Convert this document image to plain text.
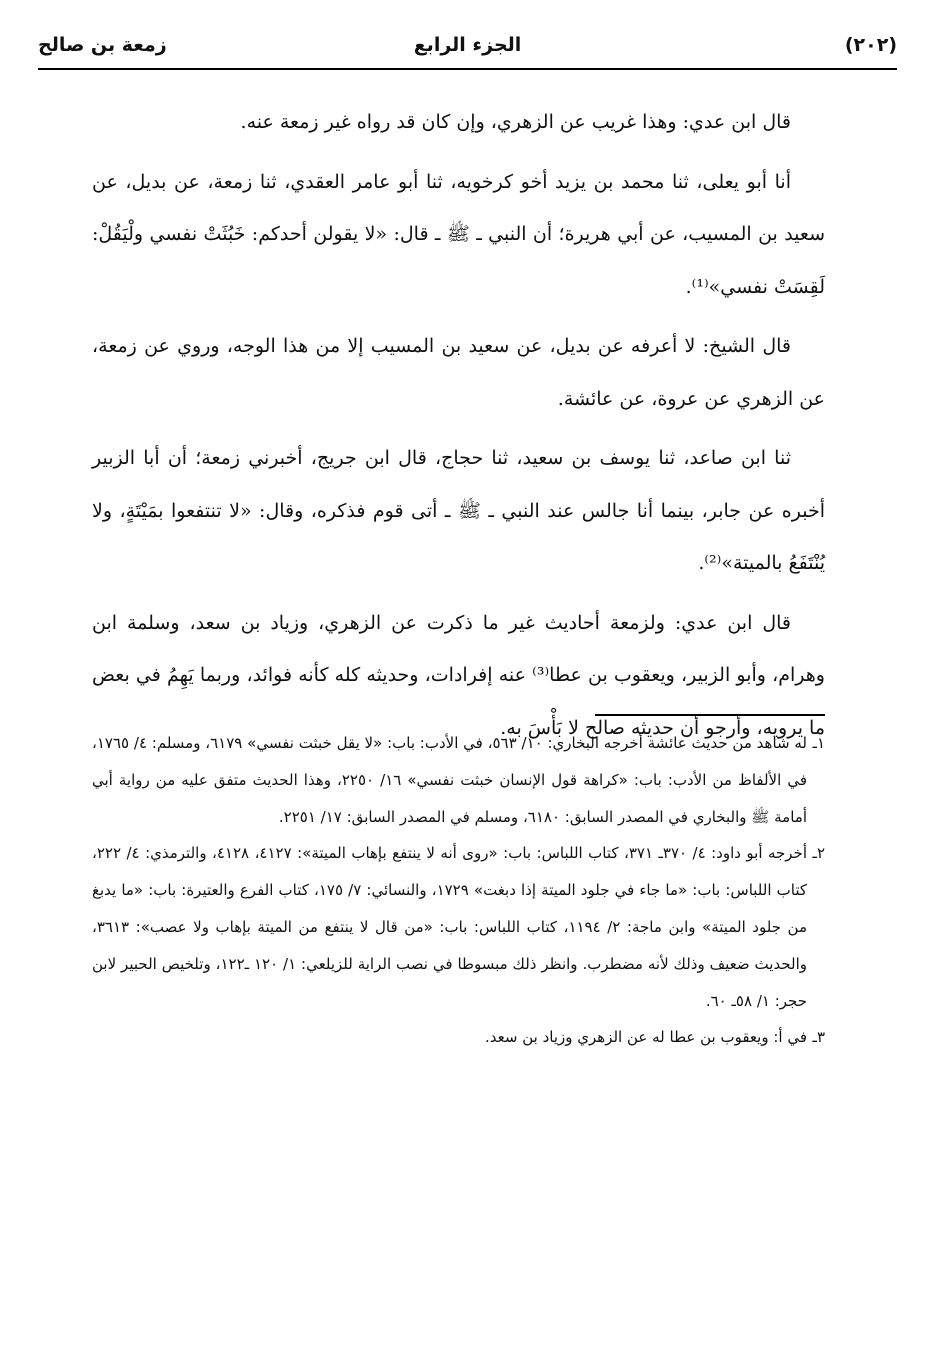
(٢٠٢)
الجزء الرابع
زمعة بن صالح

قال ابن عدي: وهذا غريب عن الزهري، وإن كان قد رواه غير زمعة عنه.

أنا أبو يعلى، ثنا محمد بن يزيد أخو كرخويه، ثنا أبو عامر العقدي، ثنا زمعة، عن بديل، عن سعيد بن المسيب، عن أبي هريرة؛ أن النبي ـ ﷺ ـ قال: «لا يقولن أحدكم: خَبُثَتْ نفسي ولْيَقُلْ: لَقِسَتْ نفسي»⁽¹⁾.

قال الشيخ: لا أعرفه عن بديل، عن سعيد بن المسيب إلا من هذا الوجه، وروي عن زمعة، عن الزهري عن عروة، عن عائشة.

ثنا ابن صاعد، ثنا يوسف بن سعيد، ثنا حجاج، قال ابن جريج، أخبرني زمعة؛ أن أبا الزبير أخبره عن جابر، بينما أنا جالس عند النبي ـ ﷺ ـ أتى قوم فذكره، وقال: «لا تنتفعوا بمَيْتَةٍ، ولا يُنْتَفَعُ بالميتة»⁽²⁾.

قال ابن عدي: ولزمعة أحاديث غير ما ذكرت عن الزهري، وزياد بن سعد، وسلمة ابن وهرام، وأبو الزبير، ويعقوب بن عطا⁽³⁾ عنه إفرادات، وحديثه كله كأنه فوائد، وربما يَهِمُ في بعض ما يرويه، وأرجو أن حديثه صالح لا بَأْسَ به.

١ـ
له شاهد من حديث عائشة أخرجه البخاري: ١٠/ ٥٦٣، في الأدب: باب: «لا يقل خبثت نفسي» ٦١٧٩، ومسلم: ٤/ ١٧٦٥، في الألفاظ من الأدب: باب: «كراهة قول الإنسان خبثت نفسي» ١٦/ ٢٢٥٠، وهذا الحديث متفق عليه من رواية أبي أمامة ﷺ والبخاري في المصدر السابق: ٦١٨٠، ومسلم في المصدر السابق: ١٧/ ٢٢٥١.
٢ـ
أخرجه أبو داود: ٤/ ٣٧٠ـ ٣٧١، كتاب اللباس: باب: «روى أنه لا ينتفع بإهاب الميتة»: ٤١٢٧، ٤١٢٨، والترمذي: ٤/ ٢٢٢، كتاب اللباس: باب: «ما جاء في جلود الميتة إذا دبغت» ١٧٢٩، والنسائي: ٧/ ١٧٥، كتاب الفرع والعتيرة: باب: «ما يدبغ من جلود الميتة» وابن ماجة: ٢/ ١١٩٤، كتاب اللباس: باب: «من قال لا ينتفع من الميتة بإهاب ولا عصب»: ٣٦١٣، والحديث ضعيف وذلك لأنه مضطرب. وانظر ذلك مبسوطا في نصب الراية للزيلعي: ١/ ١٢٠ ـ١٢٢، وتلخيص الحبير لابن حجر: ١/ ٥٨ـ ٦٠.
٣ـ
في أ: ويعقوب بن عطا له عن الزهري وزياد بن سعد.
